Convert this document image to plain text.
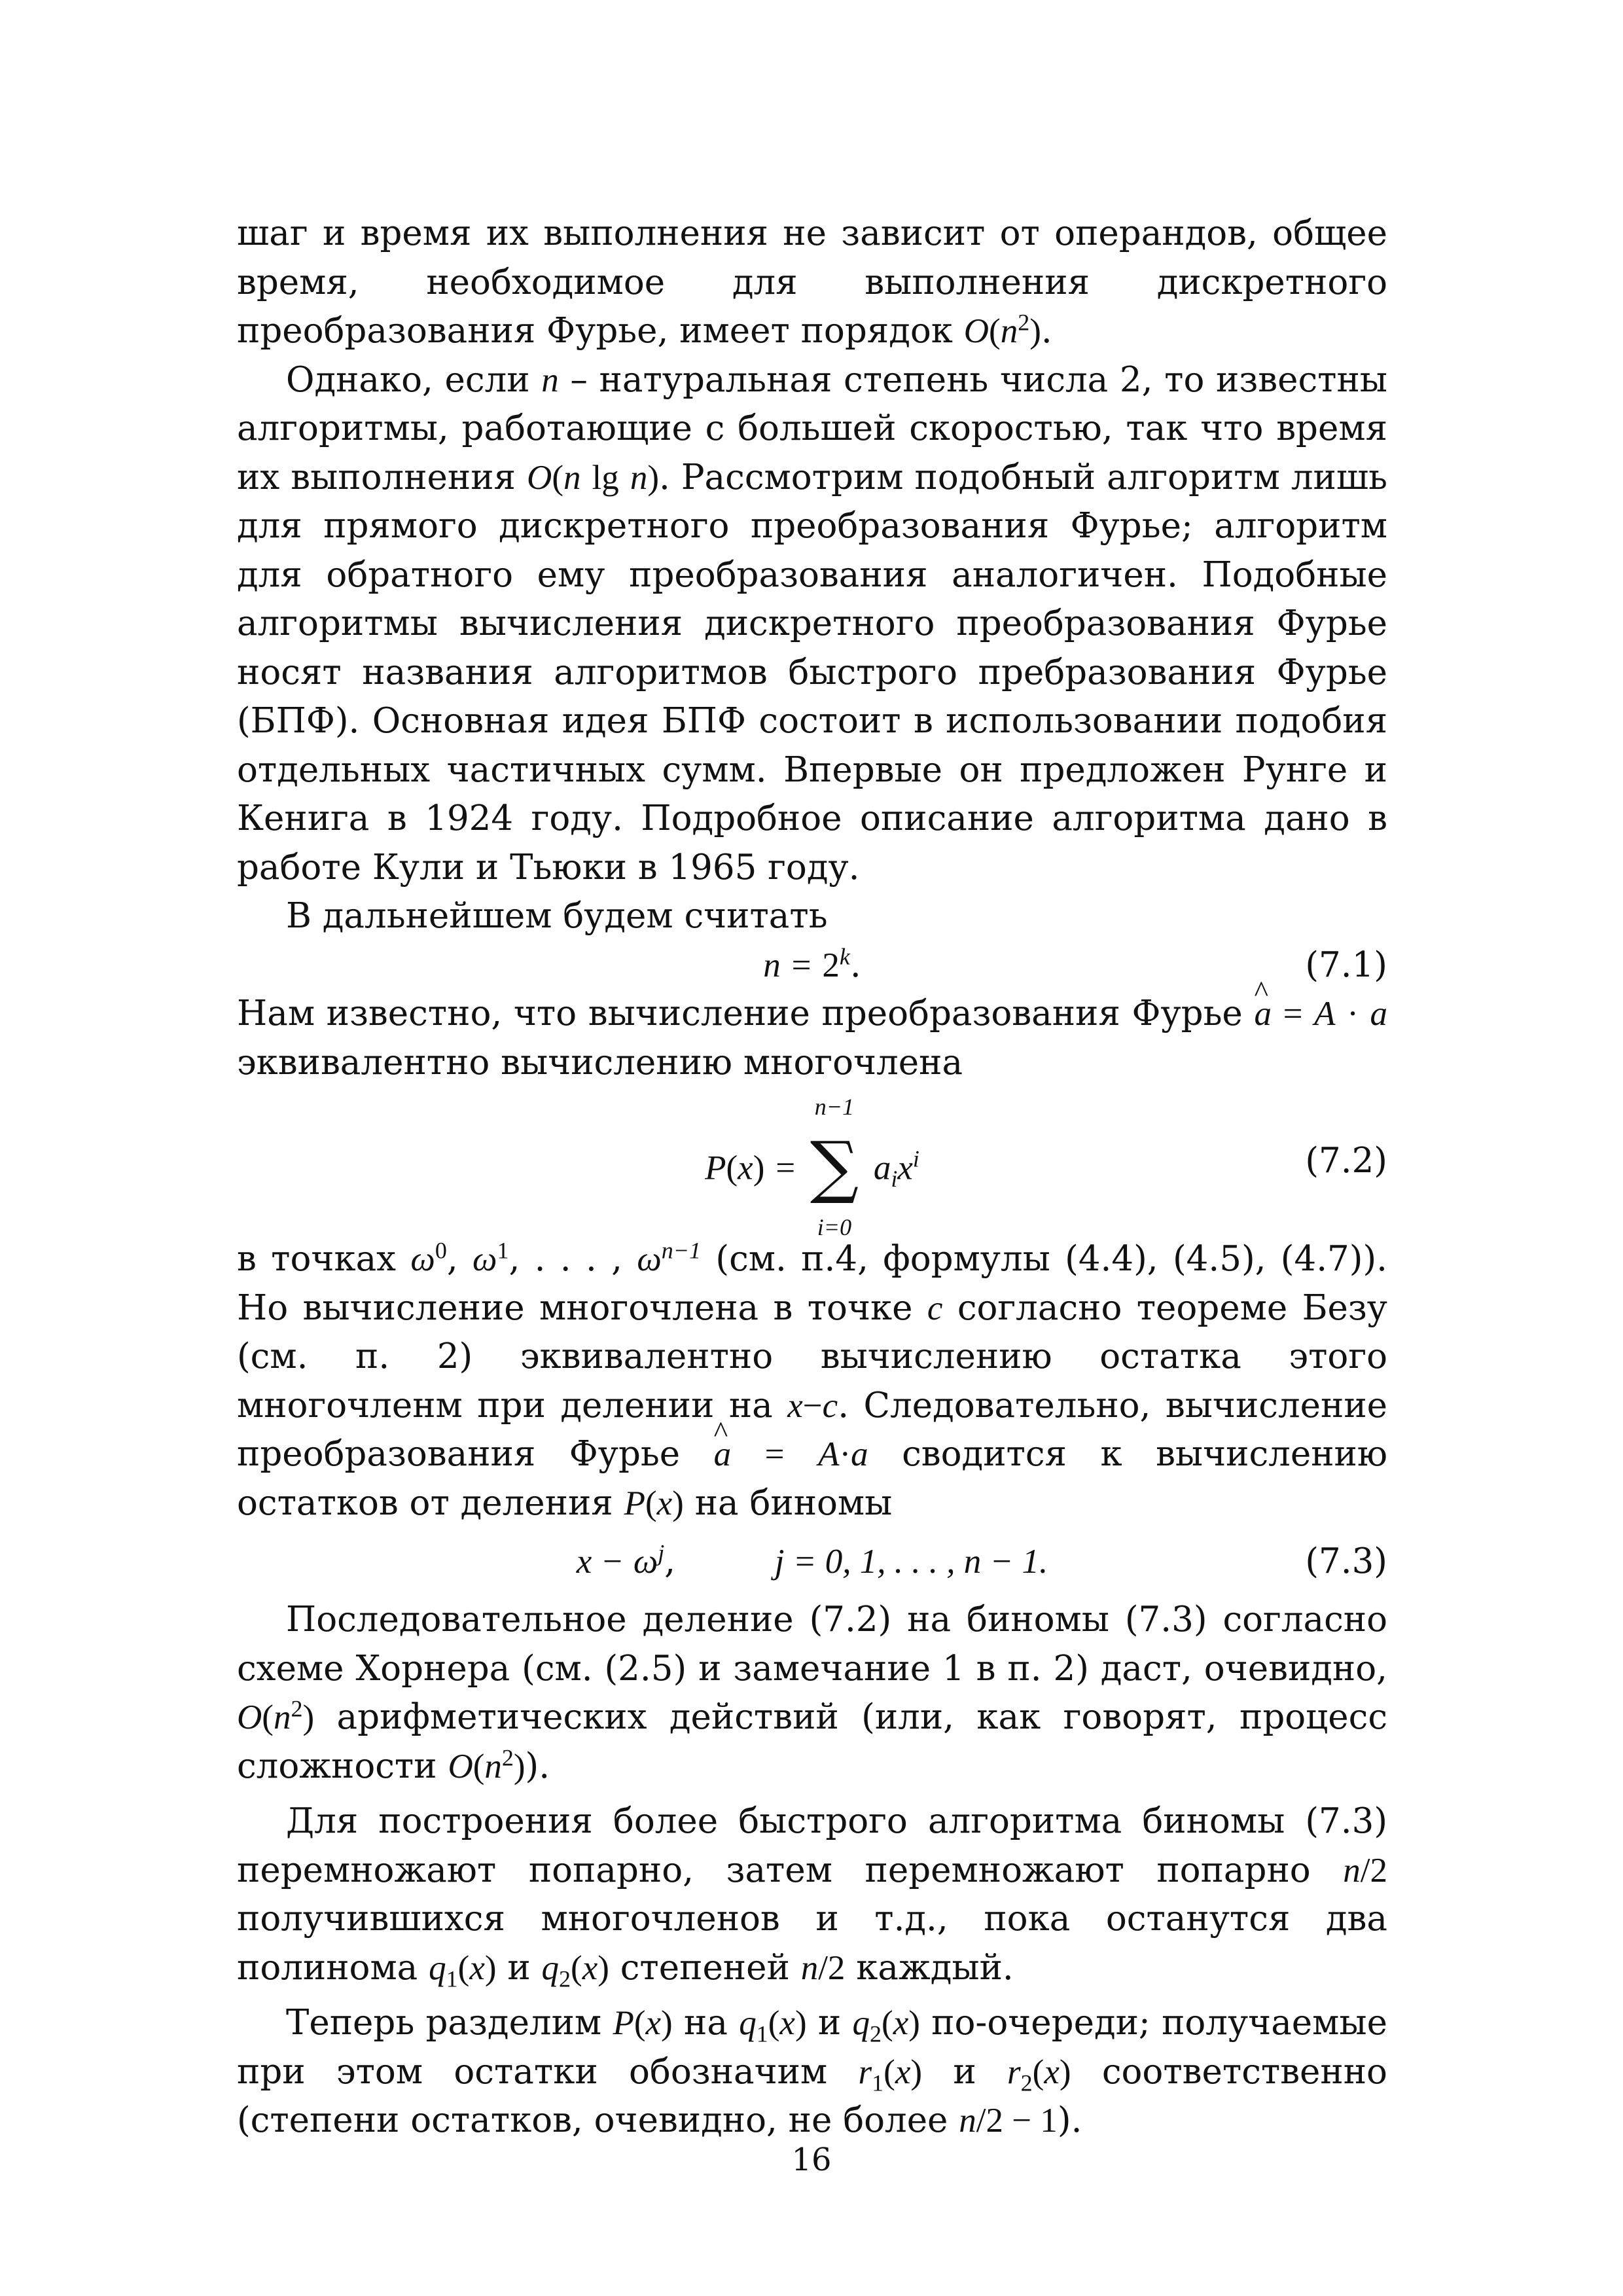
шаг и время их выполнения не зависит от операндов, общее время, необходимое для выполнения дискретного преобразования Фурье, имеет порядок $O(n^2)$.

Однако, если n – натуральная степень числа 2, то известны алгоритмы, работающие с большей скоростью, так что время их выполнения O(n lg n). Рассмотрим подобный алгоритм лишь для прямого дискретного преобразования Фурье; алгоритм для обратного ему преобразования аналогичен. Подобные алгоритмы вычисления дискретного преобразования Фурье носят названия алгоритмов быстрого пребразования Фурье (БПФ). Основная идея БПФ состоит в использовании подобия отдельных частичных сумм. Впервые он предложен Рунге и Кенига в 1924 году. Подробное описание алгоритма дано в работе Кули и Тьюки в 1965 году.

В дальнейшем будем считать

$n = 2^k$.	(7.1)

Нам известно, что вычисление преобразования Фурье ^ a = A · a эквивалентно вычислению многочлена

P(x) =
n−1
∑
i=0
$a_ix^i$	(7.2)

в точках $\omega^0$, $\omega^1$, . . . , $\omega^{n-1}$ (см. п.4, формулы (4.4), (4.5), (4.7)). Но вычисление многочлена в точке c согласно теореме Безу (см. п. 2) эквивалентно вычислению остатка этого многочленм при делении на x−c. Следовательно, вычисление преобразования Фурье ^ a = A·a сводится к вычислению остатков от деления P(x) на биномы

$x - \omega^j$,         j = 0, 1, . . . , n − 1.	(7.3)

Последовательное деление (7.2) на биномы (7.3) согласно схеме Хорнера (см. (2.5) и замечание 1 в п. 2) даст, очевидно, $O(n^2)$ арифметических действий (или, как говорят, процесс сложности $O(n^2)$).

Для построения более быстрого алгоритма биномы (7.3) перемножают попарно, затем перемножают попарно n/2 получившихся многочленов и т.д., пока останутся два полинома $q_1(x)$ и $q_2(x)$ степеней n/2 каждый.

Теперь разделим P(x) на $q_1(x)$ и $q_2(x)$ по-очереди; получаемые при этом остатки обозначим $r_1(x)$ и $r_2(x)$ соответственно (степени остатков, очевидно, не более n/2 − 1).

16
